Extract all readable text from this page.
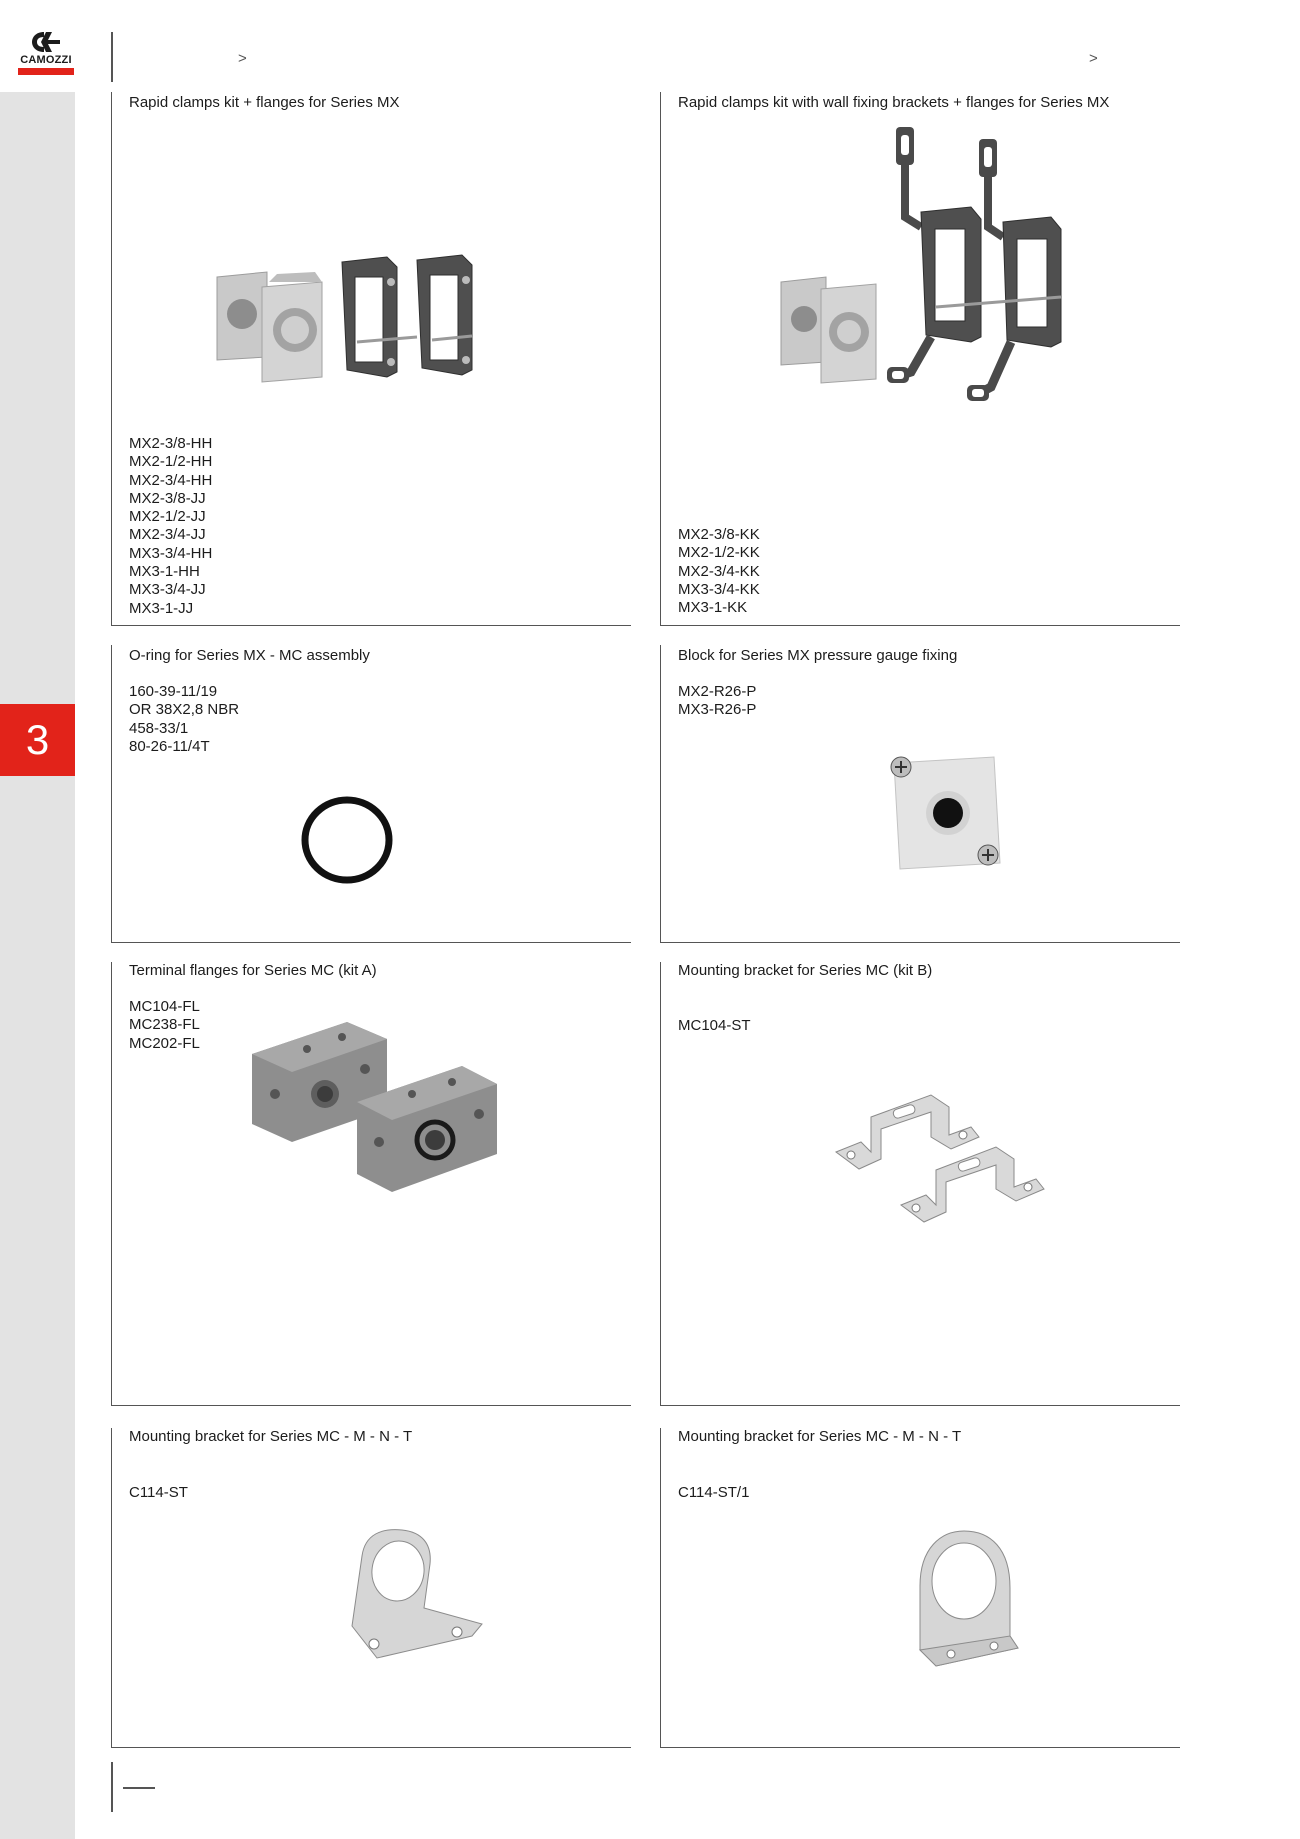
3
CAMOZZI	>	>
Rapid clamps kit + flanges for Series MX
MX2-3/8-HH
MX2-1/2-HH
MX2-3/4-HH
MX2-3/8-JJ
MX2-1/2-JJ
MX2-3/4-JJ
MX3-3/4-HH
MX3-1-HH
MX3-3/4-JJ
MX3-1-JJ
Rapid clamps kit with wall fixing brackets + flanges for Series MX
MX2-3/8-KK
MX2-1/2-KK
MX2-3/4-KK
MX3-3/4-KK
MX3-1-KK
O-ring for Series MX - MC assembly
160-39-11/19
OR 38X2,8 NBR
458-33/1
80-26-11/4T
Block for Series MX pressure gauge fixing
MX2-R26-P
MX3-R26-P
Terminal flanges for Series MC (kit A)
MC104-FL
MC238-FL
MC202-FL
Mounting bracket for Series MC (kit B)
MC104-ST
Mounting bracket for Series MC - M - N - T
C114-ST
Mounting bracket for Series MC - M - N - T
C114-ST/1
